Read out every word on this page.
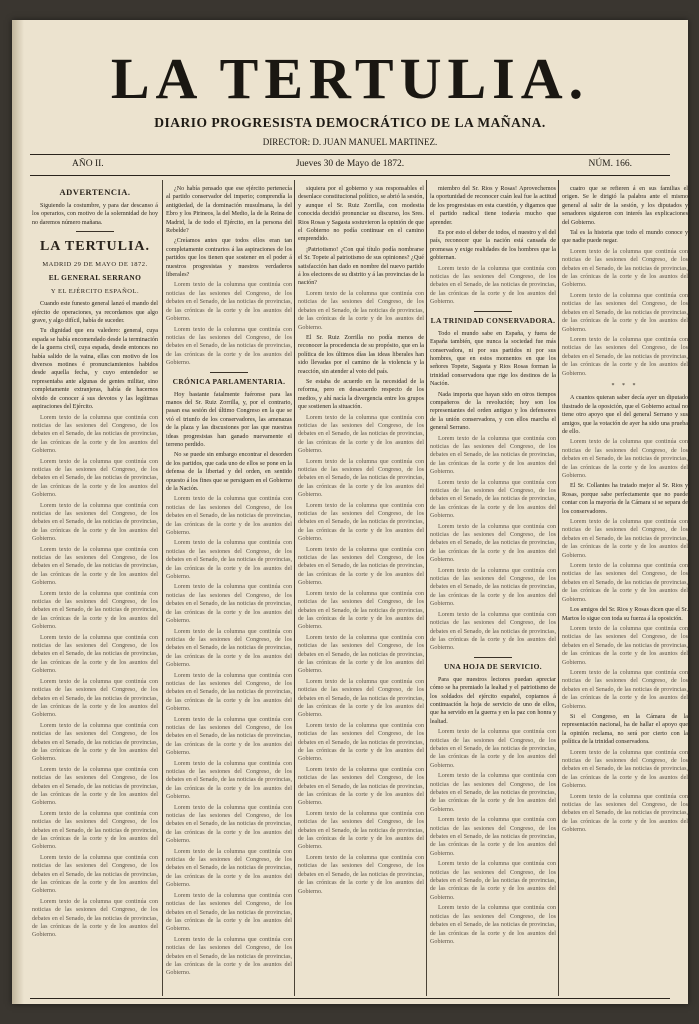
LA TERTULIA.
DIARIO PROGRESISTA DEMOCRÁTICO DE LA MAÑANA.
DIRECTOR: D. JUAN MANUEL MARTINEZ.
AÑO II.	Jueves 30 de Mayo de 1872.	NÚM. 166.
ADVERTENCIA.

Siguiendo la costumbre, y para dar descanso á los operarios, con motivo de la solemnidad de hoy no daremos número mañana.

LA TERTULIA.
MADRID 29 DE MAYO DE 1872.
EL GENERAL SERRANO
Y EL EJÉRCITO ESPAÑOL.

Cuando este funesto general lanzó el mando del ejército de operaciones, ya recordamos que algo grave, y algo difícil, había de suceder.

Tu dignidad que era valedero: general, cuya espada se había encomendado desde la terminación de la guerra civil, cuya espada, desde entonces no había salido de la vaina, ellas con motivo de los diversos motines é pronunciamientos habidos desde aquella fecha, y cuyo entendedor se representaba ante algunas de gentes militar, sino completamente extranjeras, había de hacernos olvido de conocer á sus devotos y las legítimas aspiraciones del Ejército.

Lorem texto de la columna que continúa con noticias de las sesiones del Congreso, de los debates en el Senado, de las noticias de provincias, de las crónicas de la corte y de los asuntos del Gobierno.

Lorem texto de la columna que continúa con noticias de las sesiones del Congreso, de los debates en el Senado, de las noticias de provincias, de las crónicas de la corte y de los asuntos del Gobierno.

Lorem texto de la columna que continúa con noticias de las sesiones del Congreso, de los debates en el Senado, de las noticias de provincias, de las crónicas de la corte y de los asuntos del Gobierno.

Lorem texto de la columna que continúa con noticias de las sesiones del Congreso, de los debates en el Senado, de las noticias de provincias, de las crónicas de la corte y de los asuntos del Gobierno.

Lorem texto de la columna que continúa con noticias de las sesiones del Congreso, de los debates en el Senado, de las noticias de provincias, de las crónicas de la corte y de los asuntos del Gobierno.

Lorem texto de la columna que continúa con noticias de las sesiones del Congreso, de los debates en el Senado, de las noticias de provincias, de las crónicas de la corte y de los asuntos del Gobierno.

Lorem texto de la columna que continúa con noticias de las sesiones del Congreso, de los debates en el Senado, de las noticias de provincias, de las crónicas de la corte y de los asuntos del Gobierno.

Lorem texto de la columna que continúa con noticias de las sesiones del Congreso, de los debates en el Senado, de las noticias de provincias, de las crónicas de la corte y de los asuntos del Gobierno.

Lorem texto de la columna que continúa con noticias de las sesiones del Congreso, de los debates en el Senado, de las noticias de provincias, de las crónicas de la corte y de los asuntos del Gobierno.

Lorem texto de la columna que continúa con noticias de las sesiones del Congreso, de los debates en el Senado, de las noticias de provincias, de las crónicas de la corte y de los asuntos del Gobierno.

Lorem texto de la columna que continúa con noticias de las sesiones del Congreso, de los debates en el Senado, de las noticias de provincias, de las crónicas de la corte y de los asuntos del Gobierno.

Lorem texto de la columna que continúa con noticias de las sesiones del Congreso, de los debates en el Senado, de las noticias de provincias, de las crónicas de la corte y de los asuntos del Gobierno.

¿No había pensado que ese ejército pertenecía al partido conservador del imperio; comprendía la antigüedad, de la dominación musulmana, la del Ebro y los Pirineos, la del Medio, la de la Reina de Madrid, la de todo el Ejército, en la persona del Rebelde?

¿Creíamos antes que todos ellos eran tan completamente contrarios á las aspiraciones de los partidos que los tienen que sostener en el poder á nuestros progresistas y nuestros verdaderos liberales?

Lorem texto de la columna que continúa con noticias de las sesiones del Congreso, de los debates en el Senado, de las noticias de provincias, de las crónicas de la corte y de los asuntos del Gobierno.

Lorem texto de la columna que continúa con noticias de las sesiones del Congreso, de los debates en el Senado, de las noticias de provincias, de las crónicas de la corte y de los asuntos del Gobierno.

CRÓNICA PARLAMENTARIA.

Hoy bastante fatalmente fuéronse para las manos del Sr. Ruiz Zorrilla, y, por el contrario, pasan esa sesión del último Congreso en la que se vió el triunfo de los conservadores, las amenazas de la plaza y las discusiones por las que nuestras ideas progresistas han ganado nuevamente el terreno perdido.

No se puede sin embargo encontrar el desorden de los partidos, que cada uno de ellos se pone en la defensa de la libertad y del orden, en sentido opuesto á los fines que se persiguen en el Gobierno de la Nación.

Lorem texto de la columna que continúa con noticias de las sesiones del Congreso, de los debates en el Senado, de las noticias de provincias, de las crónicas de la corte y de los asuntos del Gobierno.

Lorem texto de la columna que continúa con noticias de las sesiones del Congreso, de los debates en el Senado, de las noticias de provincias, de las crónicas de la corte y de los asuntos del Gobierno.

Lorem texto de la columna que continúa con noticias de las sesiones del Congreso, de los debates en el Senado, de las noticias de provincias, de las crónicas de la corte y de los asuntos del Gobierno.

Lorem texto de la columna que continúa con noticias de las sesiones del Congreso, de los debates en el Senado, de las noticias de provincias, de las crónicas de la corte y de los asuntos del Gobierno.

Lorem texto de la columna que continúa con noticias de las sesiones del Congreso, de los debates en el Senado, de las noticias de provincias, de las crónicas de la corte y de los asuntos del Gobierno.

Lorem texto de la columna que continúa con noticias de las sesiones del Congreso, de los debates en el Senado, de las noticias de provincias, de las crónicas de la corte y de los asuntos del Gobierno.

Lorem texto de la columna que continúa con noticias de las sesiones del Congreso, de los debates en el Senado, de las noticias de provincias, de las crónicas de la corte y de los asuntos del Gobierno.

Lorem texto de la columna que continúa con noticias de las sesiones del Congreso, de los debates en el Senado, de las noticias de provincias, de las crónicas de la corte y de los asuntos del Gobierno.

Lorem texto de la columna que continúa con noticias de las sesiones del Congreso, de los debates en el Senado, de las noticias de provincias, de las crónicas de la corte y de los asuntos del Gobierno.

Lorem texto de la columna que continúa con noticias de las sesiones del Congreso, de los debates en el Senado, de las noticias de provincias, de las crónicas de la corte y de los asuntos del Gobierno.

Lorem texto de la columna que continúa con noticias de las sesiones del Congreso, de los debates en el Senado, de las noticias de provincias, de las crónicas de la corte y de los asuntos del Gobierno.

siquiera por el gobierno y sus responsables el desenlace constitucional político, se abrió la sesión, y aunque el Sr. Ruiz Zorrilla, con modestia conocida decidió pronunciar su discurso, los Sres. Rios Rosas y Sagasta sostuvieron la opinión de que el Gobierno no podía continuar en el camino emprendido.

¡Patriotismo! ¿Con qué título podía nombrarse el Sr. Topete al patriotismo de sus opiniones? ¿Qué satisfacción han dado en nombre del nuevo partido á los electores de su distrito y á las provincias de la nación?

Lorem texto de la columna que continúa con noticias de las sesiones del Congreso, de los debates en el Senado, de las noticias de provincias, de las crónicas de la corte y de los asuntos del Gobierno.

El Sr. Ruiz Zorrilla no podía menos de reconocer la procedencia de su propósito, que en la política de los últimos días las ideas liberales han sido llevadas por el camino de la violencia y la reacción, sin atender al voto del país.

Se estaba de acuerdo en la necesidad de la reforma, pero en desacuerdo respecto de los medios, y ahí nacía la divergencia entre los grupos que sostienen la situación.

Lorem texto de la columna que continúa con noticias de las sesiones del Congreso, de los debates en el Senado, de las noticias de provincias, de las crónicas de la corte y de los asuntos del Gobierno.

Lorem texto de la columna que continúa con noticias de las sesiones del Congreso, de los debates en el Senado, de las noticias de provincias, de las crónicas de la corte y de los asuntos del Gobierno.

Lorem texto de la columna que continúa con noticias de las sesiones del Congreso, de los debates en el Senado, de las noticias de provincias, de las crónicas de la corte y de los asuntos del Gobierno.

Lorem texto de la columna que continúa con noticias de las sesiones del Congreso, de los debates en el Senado, de las noticias de provincias, de las crónicas de la corte y de los asuntos del Gobierno.

Lorem texto de la columna que continúa con noticias de las sesiones del Congreso, de los debates en el Senado, de las noticias de provincias, de las crónicas de la corte y de los asuntos del Gobierno.

Lorem texto de la columna que continúa con noticias de las sesiones del Congreso, de los debates en el Senado, de las noticias de provincias, de las crónicas de la corte y de los asuntos del Gobierno.

Lorem texto de la columna que continúa con noticias de las sesiones del Congreso, de los debates en el Senado, de las noticias de provincias, de las crónicas de la corte y de los asuntos del Gobierno.

Lorem texto de la columna que continúa con noticias de las sesiones del Congreso, de los debates en el Senado, de las noticias de provincias, de las crónicas de la corte y de los asuntos del Gobierno.

Lorem texto de la columna que continúa con noticias de las sesiones del Congreso, de los debates en el Senado, de las noticias de provincias, de las crónicas de la corte y de los asuntos del Gobierno.

Lorem texto de la columna que continúa con noticias de las sesiones del Congreso, de los debates en el Senado, de las noticias de provincias, de las crónicas de la corte y de los asuntos del Gobierno.

Lorem texto de la columna que continúa con noticias de las sesiones del Congreso, de los debates en el Senado, de las noticias de provincias, de las crónicas de la corte y de los asuntos del Gobierno.

miembro del Sr. Rios y Rosas! Aprovechemos la oportunidad de reconocer cuán leal fue la actitud de los progresistas en esta cuestión, y digamos que el partido radical tiene todavía mucho que aprender.

Es por esto el deber de todos, el nuestro y el del país, reconocer que la nación está cansada de promesas y exige realidades de los hombres que la gobiernan.

Lorem texto de la columna que continúa con noticias de las sesiones del Congreso, de los debates en el Senado, de las noticias de provincias, de las crónicas de la corte y de los asuntos del Gobierno.

LA TRINIDAD CONSERVADORA.

Todo el mundo sabe en España, y fuera de España también, que nunca la sociedad fue más conservadora, ni por sus partidos ni por sus hombres, que en estos momentos en que los señores Topete, Sagasta y Rios Rosas forman la trinidad conservadora que rige los destinos de la Nación.

Nada importa que hayan sido en otros tiempos compañeros de la revolución; hoy son los representantes del orden antiguo y los defensores de la unión conservadora, y con ellos marcha el general Serrano.

Lorem texto de la columna que continúa con noticias de las sesiones del Congreso, de los debates en el Senado, de las noticias de provincias, de las crónicas de la corte y de los asuntos del Gobierno.

Lorem texto de la columna que continúa con noticias de las sesiones del Congreso, de los debates en el Senado, de las noticias de provincias, de las crónicas de la corte y de los asuntos del Gobierno.

Lorem texto de la columna que continúa con noticias de las sesiones del Congreso, de los debates en el Senado, de las noticias de provincias, de las crónicas de la corte y de los asuntos del Gobierno.

Lorem texto de la columna que continúa con noticias de las sesiones del Congreso, de los debates en el Senado, de las noticias de provincias, de las crónicas de la corte y de los asuntos del Gobierno.

Lorem texto de la columna que continúa con noticias de las sesiones del Congreso, de los debates en el Senado, de las noticias de provincias, de las crónicas de la corte y de los asuntos del Gobierno.

UNA HOJA DE SERVICIO.

Para que nuestros lectores puedan apreciar cómo se ha premiado la lealtad y el patriotismo de los soldados del ejército español, copiamos á continuación la hoja de servicio de uno de ellos, que ha servido en la guerra y en la paz con honra y lealtad.

Lorem texto de la columna que continúa con noticias de las sesiones del Congreso, de los debates en el Senado, de las noticias de provincias, de las crónicas de la corte y de los asuntos del Gobierno.

Lorem texto de la columna que continúa con noticias de las sesiones del Congreso, de los debates en el Senado, de las noticias de provincias, de las crónicas de la corte y de los asuntos del Gobierno.

Lorem texto de la columna que continúa con noticias de las sesiones del Congreso, de los debates en el Senado, de las noticias de provincias, de las crónicas de la corte y de los asuntos del Gobierno.

Lorem texto de la columna que continúa con noticias de las sesiones del Congreso, de los debates en el Senado, de las noticias de provincias, de las crónicas de la corte y de los asuntos del Gobierno.

Lorem texto de la columna que continúa con noticias de las sesiones del Congreso, de los debates en el Senado, de las noticias de provincias, de las crónicas de la corte y de los asuntos del Gobierno.

cuatro que se refieren á en sus familias el origen. Se le dirigió la palabra ante el mismo general al salir de la sesión, y los diputados y senadores siguieron con interés las explicaciones del Gobierno.

Tal es la historia que todo el mundo conoce y que nadie puede negar.

Lorem texto de la columna que continúa con noticias de las sesiones del Congreso, de los debates en el Senado, de las noticias de provincias, de las crónicas de la corte y de los asuntos del Gobierno.

Lorem texto de la columna que continúa con noticias de las sesiones del Congreso, de los debates en el Senado, de las noticias de provincias, de las crónicas de la corte y de los asuntos del Gobierno.

Lorem texto de la columna que continúa con noticias de las sesiones del Congreso, de los debates en el Senado, de las noticias de provincias, de las crónicas de la corte y de los asuntos del Gobierno.

* * *

A cuantos quieran saber decía ayer un diputado ilustrado de la oposición, que el Gobierno actual no tiene otro apoyo que el del general Serrano y sus amigos, que la votación de ayer ha sido una prueba de ello.

Lorem texto de la columna que continúa con noticias de las sesiones del Congreso, de los debates en el Senado, de las noticias de provincias, de las crónicas de la corte y de los asuntos del Gobierno.

El Sr. Collantes ha tratado mejor al Sr. Rios y Rosas, porque sabe perfectamente que no puede contar con la mayoría de la Cámara si se separa de los conservadores.

Lorem texto de la columna que continúa con noticias de las sesiones del Congreso, de los debates en el Senado, de las noticias de provincias, de las crónicas de la corte y de los asuntos del Gobierno.

Lorem texto de la columna que continúa con noticias de las sesiones del Congreso, de los debates en el Senado, de las noticias de provincias, de las crónicas de la corte y de los asuntos del Gobierno.

Los amigos del Sr. Rios y Rosas dicen que el Sr. Martos lo sigue con toda su fuerza á la oposición.

Lorem texto de la columna que continúa con noticias de las sesiones del Congreso, de los debates en el Senado, de las noticias de provincias, de las crónicas de la corte y de los asuntos del Gobierno.

Lorem texto de la columna que continúa con noticias de las sesiones del Congreso, de los debates en el Senado, de las noticias de provincias, de las crónicas de la corte y de los asuntos del Gobierno.

Si el Congreso, en la Cámara de la representación nacional, ha de hallar el apoyo que la opinión reclama, no será por cierto con la política de la trinidad conservadora.

Lorem texto de la columna que continúa con noticias de las sesiones del Congreso, de los debates en el Senado, de las noticias de provincias, de las crónicas de la corte y de los asuntos del Gobierno.

Lorem texto de la columna que continúa con noticias de las sesiones del Congreso, de los debates en el Senado, de las noticias de provincias, de las crónicas de la corte y de los asuntos del Gobierno.
